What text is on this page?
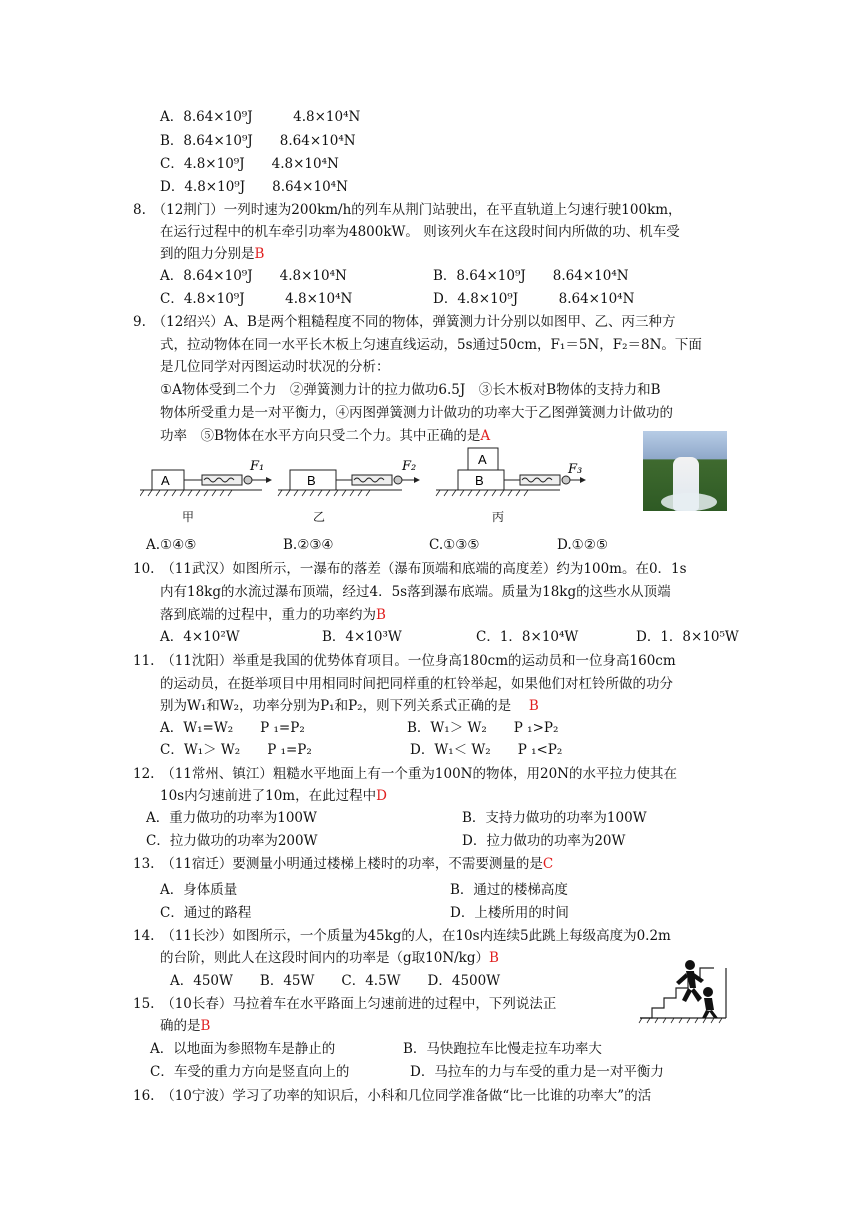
A．8.64×10⁹J　　　4.8×10⁴N
B．8.64×10⁹J　　8.64×10⁴N
C．4.8×10⁹J　　4.8×10⁴N
D．4.8×10⁹J　　8.64×10⁴N
8.　（12荆门）一列时速为200km/h的列车从荆门站驶出，在平直轨道上匀速行驶100km，
在运行过程中的机车牵引功率为4800kW。 则该列火车在这段时间内所做的功、机车受
到的阻力分别是B
A．8.64×10⁹J　　4.8×10⁴N	B．8.64×10⁹J　　8.64×10⁴N
C．4.8×10⁹J　　　4.8×10⁴N	D．4.8×10⁹J　　　8.64×10⁴N
9.　（12绍兴）A、B是两个粗糙程度不同的物体，弹簧测力计分别以如图甲、乙、丙三种方
式，拉动物体在同一水平长木板上匀速直线运动，5s通过50cm，F₁＝5N，F₂＝8N。下面
是几位同学对丙图运动时状况的分析：
①A物体受到二个力　②弹簧测力计的拉力做功6.5J　③长木板对B物体的支持力和B
物体所受重力是一对平衡力，④丙图弹簧测力计做功的功率大于乙图弹簧测力计做功的
功率　⑤B物体在水平方向只受二个力。其中正确的是A
A	B	B
A
F₁	F₂	F₃
甲	乙	丙
A.①④⑤	B.②③④	C.①③⑤	D.①②⑤
10.　（11武汉）如图所示，一瀑布的落差（瀑布顶端和底端的高度差）约为100m。在0．1s
内有18kg的水流过瀑布顶端，经过4．5s落到瀑布底端。质量为18kg的这些水从顶端
落到底端的过程中，重力的功率约为B
A．4×10²W	B．4×10³W	C．1．8×10⁴W	D．1．8×10⁵W
11.　（11沈阳）举重是我国的优势体育项目。一位身高180cm的运动员和一位身高160cm
的运动员，在挺举项目中用相同时间把同样重的杠铃举起，如果他们对杠铃所做的功分
别为W₁和W₂，功率分别为P₁和P₂，则下列关系式正确的是　 B
A．W₁=W₂　　P ₁=P₂	B．W₁＞ W₂　　P ₁>P₂
C．W₁＞ W₂　　P ₁=P₂	D．W₁＜ W₂　　P ₁<P₂
12.　（11常州、镇江）粗糙水平地面上有一个重为100N的物体，用20N的水平拉力使其在
10s内匀速前进了10m，在此过程中D
A．重力做功的功率为100W	B．支持力做功的功率为100W
C．拉力做功的功率为200W	D．拉力做功的功率为20W
13.　（11宿迁）要测量小明通过楼梯上楼时的功率，不需要测量的是C
A．身体质量	B．通过的楼梯高度
C．通过的路程	D．上楼所用的时间
14.　（11长沙）如图所示，一个质量为45kg的人，在10s内连续5此跳上每级高度为0.2m
的台阶，则此人在这段时间内的功率是（g取10N/kg）B
A．450W　　B．45W　　C．4.5W　　D．4500W
15.　（10长春）马拉着车在水平路面上匀速前进的过程中，下列说法正
确的是B
A．以地面为参照物车是静止的	B．马快跑拉车比慢走拉车功率大
C．车受的重力方向是竖直向上的	D．马拉车的力与车受的重力是一对平衡力
16.　（10宁波）学习了功率的知识后，小科和几位同学准备做“比一比谁的功率大”的活
